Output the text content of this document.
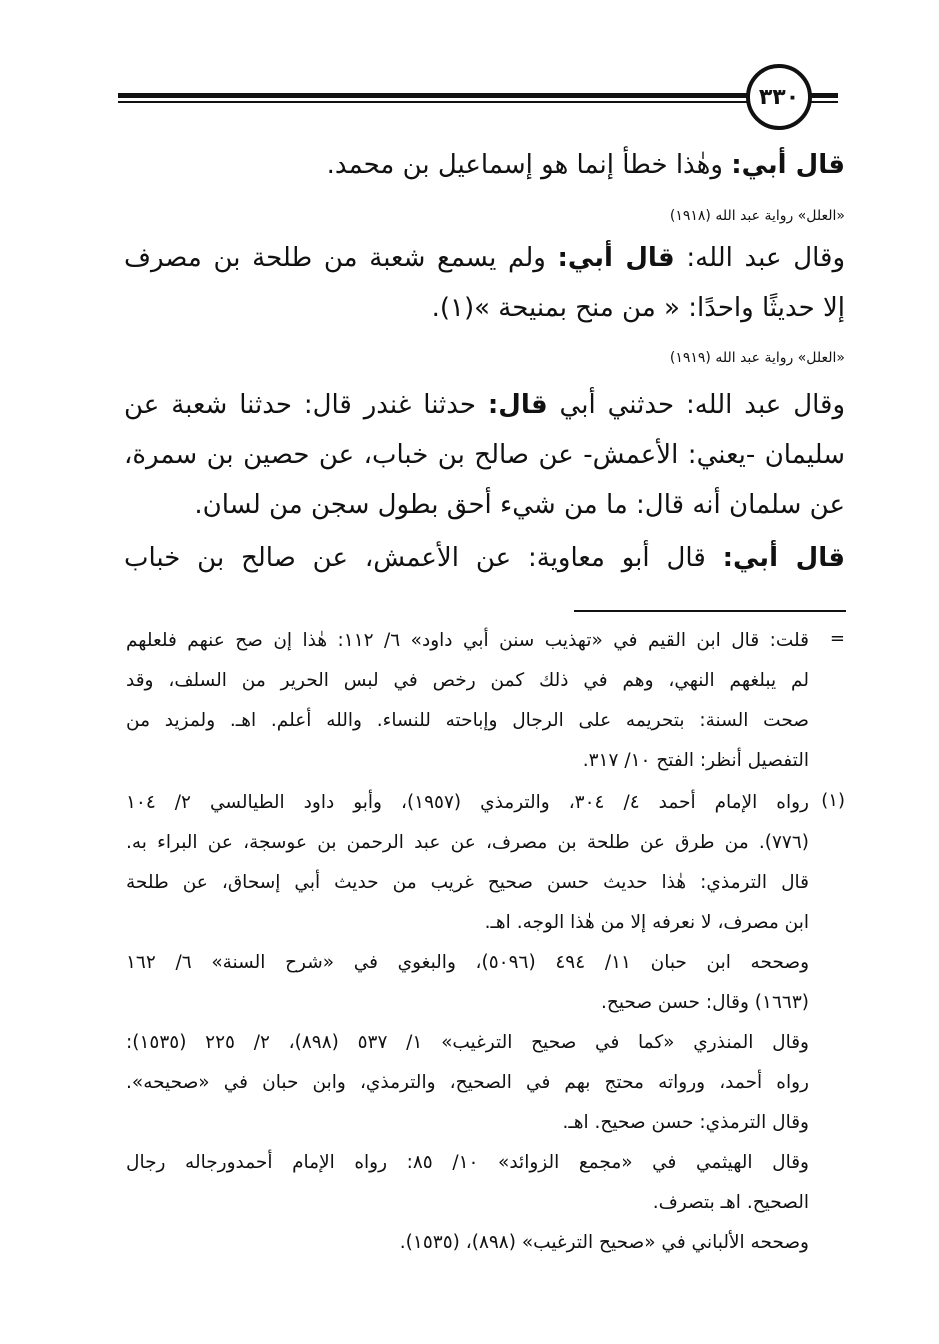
٣٣٠
قال أبي: وهٰذا خطأ إنما هو إسماعيل بن محمد.
«العلل» رواية عبد الله (١٩١٨)
وقال عبد الله: قال أبي: ولم يسمع شعبة من طلحة بن مصرف
إلا حديثًا واحدًا: « من منح بمنيحة »(١).
«العلل» رواية عبد الله (١٩١٩)
وقال عبد الله: حدثني أبي قال: حدثنا غندر قال: حدثنا شعبة عن
سليمان -يعني: الأعمش- عن صالح بن خباب، عن حصين بن سمرة،
عن سلمان أنه قال: ما من شيء أحق بطول سجن من لسان.
قال أبي: قال أبو معاوية: عن الأعمش، عن صالح بن خباب
=
قلت: قال ابن القيم في «تهذيب سنن أبي داود» ٦/ ١١٢: هٰذا إن صح عنهم فلعلهم
لم يبلغهم النهي، وهم في ذلك كمن رخص في لبس الحرير من السلف، وقد
صحت السنة: بتحريمه على الرجال وإباحته للنساء. والله أعلم. اهـ. ولمزيد من
التفصيل أنظر: الفتح ١٠/ ٣١٧.
(١)
رواه الإمام أحمد ٤/ ٣٠٤، والترمذي (١٩٥٧)، وأبو داود الطيالسي ٢/ ١٠٤
(٧٧٦). من طرق عن طلحة بن مصرف، عن عبد الرحمن بن عوسجة، عن البراء به.
قال الترمذي: هٰذا حديث حسن صحيح غريب من حديث أبي إسحاق، عن طلحة
ابن مصرف، لا نعرفه إلا من هٰذا الوجه. اهـ.
وصححه ابن حبان ١١/ ٤٩٤ (٥٠٩٦)، والبغوي في «شرح السنة» ٦/ ١٦٢
(١٦٦٣) وقال: حسن صحيح.
وقال المنذري «كما في صحيح الترغيب» ١/ ٥٣٧ (٨٩٨)، ٢/ ٢٢٥ (١٥٣٥):
رواه أحمد، ورواته محتج بهم في الصحيح، والترمذي، وابن حبان في «صحيحه».
وقال الترمذي: حسن صحيح. اهـ.
وقال الهيثمي في «مجمع الزوائد» ١٠/ ٨٥: رواه الإمام أحمدورجاله رجال
الصحيح. اهـ بتصرف.
وصححه الألباني في «صحيح الترغيب» (٨٩٨)، (١٥٣٥).
